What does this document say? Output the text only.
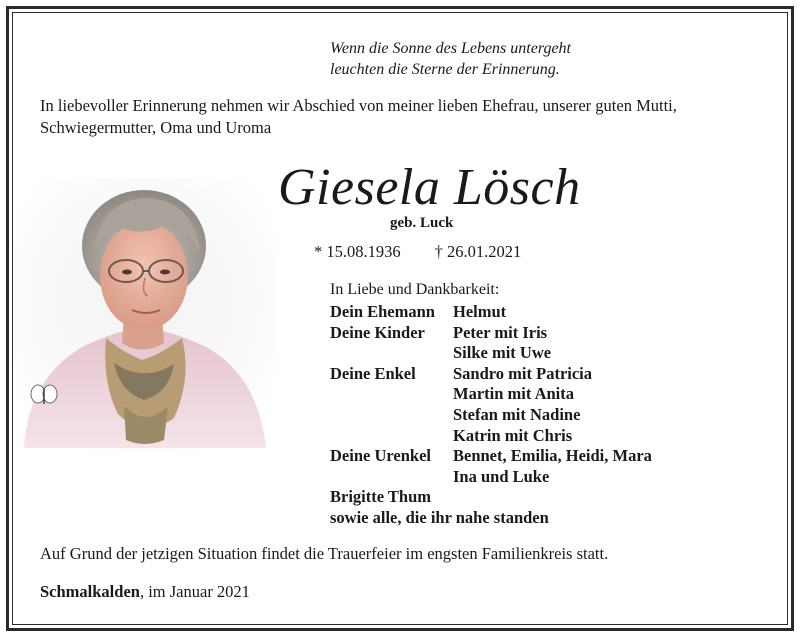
Wenn die Sonne des Lebens untergeht
leuchten die Sterne der Erinnerung.
In liebevoller Erinnerung nehmen wir Abschied von meiner lieben Ehefrau, unserer guten Mutti, Schwiegermutter, Oma und Uroma
Giesela Lösch
geb. Luck
* 15.08.1936 † 26.01.2021
In Liebe und Dankbarkeit:
Dein Ehemann	Helmut
Deine Kinder	Peter mit Iris
Silke mit Uwe
Deine Enkel	Sandro mit Patricia
Martin mit Anita
Stefan mit Nadine
Katrin mit Chris
Deine Urenkel	Bennet, Emilia, Heidi, Mara
Ina und Luke
Brigitte Thum
sowie alle, die ihr nahe standen
Auf Grund der jetzigen Situation findet die Trauerfeier im engsten Familienkreis statt.
Schmalkalden, im Januar 2021
